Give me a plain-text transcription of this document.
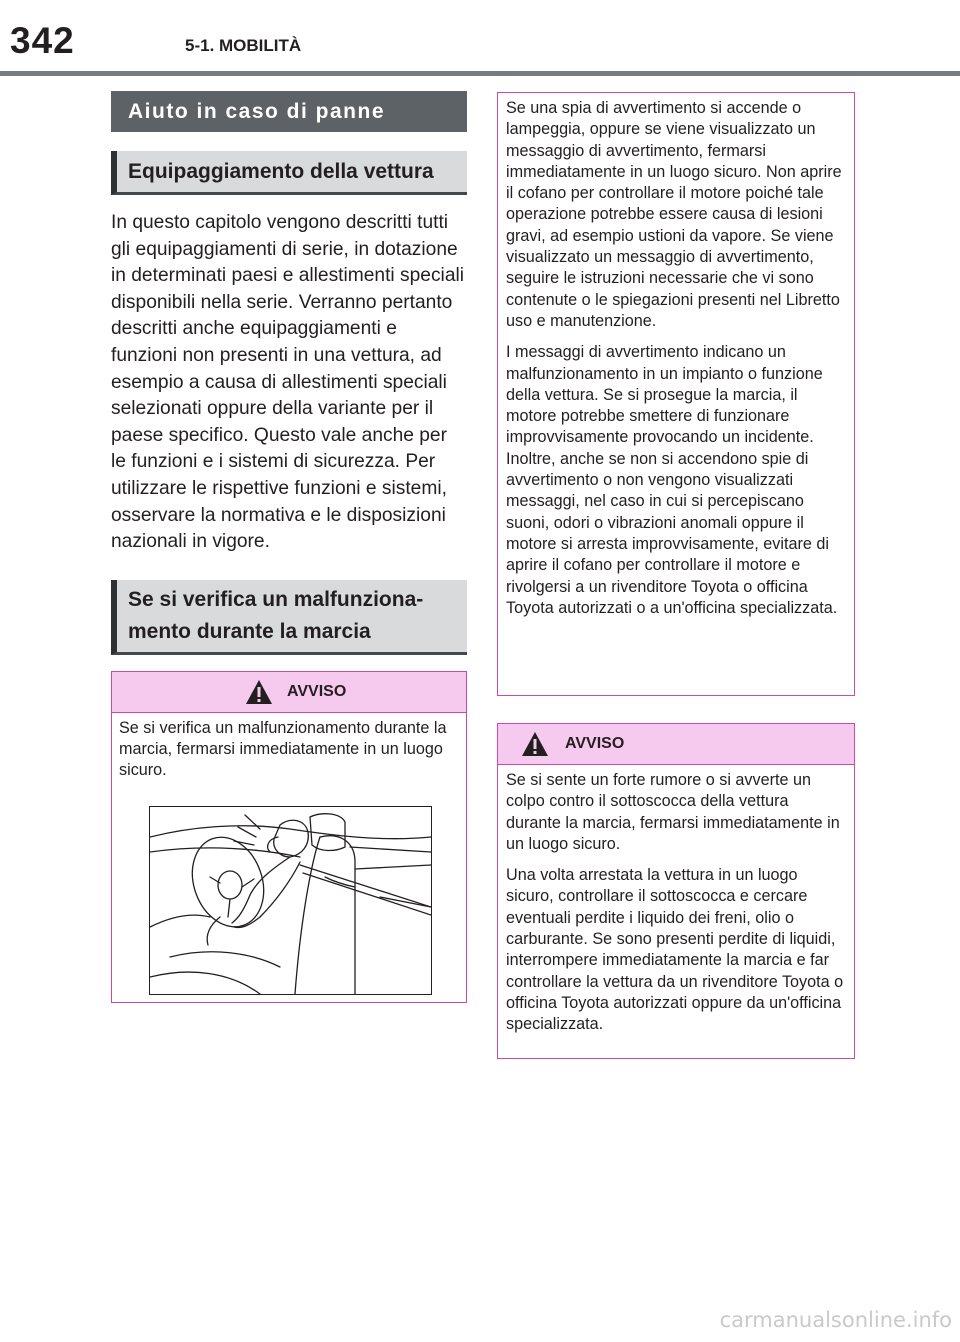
342	5-1. MOBILITÀ
Aiuto in caso di panne
Equipaggiamento della vettura

In questo capitolo vengono descritti tutti gli equipaggiamenti di serie, in dotazione in determinati paesi e allestimenti speciali disponibili nella serie. Verranno pertanto descritti anche equipaggiamenti e funzioni non presenti in una vettura, ad esempio a causa di allestimenti speciali selezionati oppure della variante per il paese specifico. Questo vale anche per le funzioni e i sistemi di sicurezza. Per utilizzare le rispettive funzioni e sistemi, osservare la normativa e le disposizioni nazionali in vigore.

Se si verifica un malfunziona-
mento durante la marcia
AVVISO

Se si verifica un malfunzionamento durante la marcia, fermarsi immediatamente in un luogo sicuro.

Se una spia di avvertimento si accende o lampeggia, oppure se viene visualizzato un messaggio di avvertimento, fermarsi immediatamente in un luogo sicuro. Non aprire il cofano per controllare il motore poiché tale operazione potrebbe essere causa di lesioni gravi, ad esempio ustioni da vapore. Se viene visualizzato un messaggio di avvertimento, seguire le istruzioni necessarie che vi sono contenute o le spiegazioni presenti nel Libretto uso e manutenzione.

I messaggi di avvertimento indicano un malfunzionamento in un impianto o funzione della vettura. Se si prosegue la marcia, il motore potrebbe smettere di funzionare improvvisamente provocando un incidente. Inoltre, anche se non si accendono spie di avvertimento o non vengono visualizzati messaggi, nel caso in cui si percepiscano suoni, odori o vibrazioni anomali oppure il motore si arresta improvvisamente, evitare di aprire il cofano per controllare il motore e rivolgersi a un rivenditore Toyota o officina Toyota autorizzati o a un'officina specializzata.

AVVISO

Se si sente un forte rumore o si avverte un colpo contro il sottoscocca della vettura durante la marcia, fermarsi immediatamente in un luogo sicuro.

Una volta arrestata la vettura in un luogo sicuro, controllare il sottoscocca e cercare eventuali perdite i liquido dei freni, olio o carburante. Se sono presenti perdite di liquidi, interrompere immediatamente la marcia e far controllare la vettura da un rivenditore Toyota o officina Toyota autorizzati oppure da un'officina specializzata.

carmanualsonline.info
